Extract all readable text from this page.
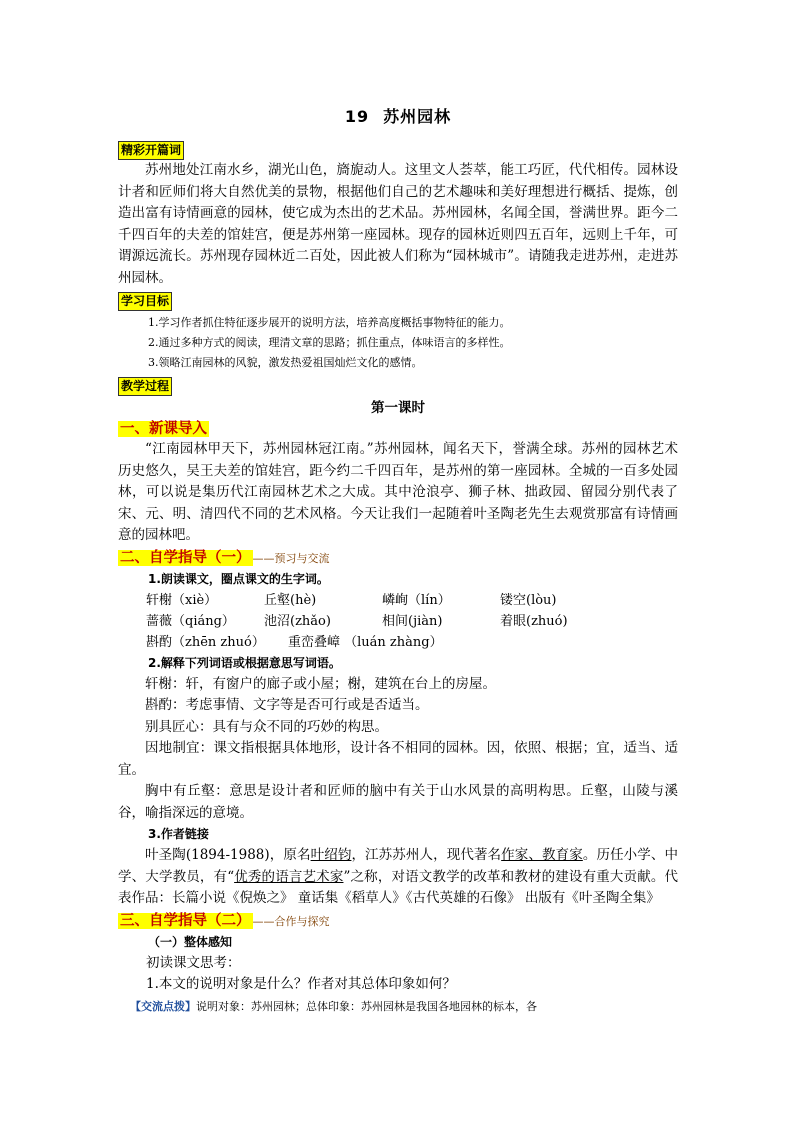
19 苏州园林
精彩开篇词

苏州地处江南水乡，湖光山色，旖旎动人。这里文人荟萃，能工巧匠，代代相传。园林设计者和匠师们将大自然优美的景物，根据他们自己的艺术趣味和美好理想进行概括、提炼，创造出富有诗情画意的园林，使它成为杰出的艺术品。苏州园林，名闻全国，誉满世界。距今二千四百年的夫差的馆娃宫，便是苏州第一座园林。现存的园林近则四五百年，远则上千年，可谓源远流长。苏州现存园林近二百处，因此被人们称为“园林城市”。请随我走进苏州，走进苏州园林。

学习目标
1.学习作者抓住特征逐步展开的说明方法，培养高度概括事物特征的能力。
2.通过多种方式的阅读，理清文章的思路；抓住重点，体味语言的多样性。
3.领略江南园林的风貌，激发热爱祖国灿烂文化的感情。
教学过程
第一课时
一、新课导入

“江南园林甲天下，苏州园林冠江南。”苏州园林，闻名天下，誉满全球。苏州的园林艺术历史悠久，吴王夫差的馆娃宫，距今约二千四百年，是苏州的第一座园林。全城的一百多处园林，可以说是集历代江南园林艺术之大成。其中沧浪亭、狮子林、拙政园、留园分别代表了宋、元、明、清四代不同的艺术风格。今天让我们一起随着叶圣陶老先生去观赏那富有诗情画意的园林吧。

二、自学指导（一） ——预习与交流
1.朗读课文，圈点课文的生字词。
轩榭（xiè）	丘壑(hè)	嶙峋（lín）	镂空(lòu)
蔷薇（qiáng）	池沼(zhǎo)	相间(jiàn)	着眼(zhuó)
斟酌（zhēn zhuó）	重峦叠嶂 （luán zhàng）
2.解释下列词语或根据意思写词语。

轩榭：轩，有窗户的廊子或小屋；榭，建筑在台上的房屋。

斟酌：考虑事情、文字等是否可行或是否适当。

别具匠心：具有与众不同的巧妙的构思。

因地制宜：课文指根据具体地形，设计各不相同的园林。因，依照、根据；宜，适当、适宜。

胸中有丘壑：意思是设计者和匠师的脑中有关于山水风景的高明构思。丘壑，山陵与溪谷，喻指深远的意境。

3.作者链接

叶圣陶(1894-1988)，原名叶绍钧，江苏苏州人，现代著名作家、教育家。历任小学、中学、大学教员，有“优秀的语言艺术家”之称，对语文教学的改革和教材的建设有重大贡献。代表作品：长篇小说《倪焕之》 童话集《稻草人》《古代英雄的石像》 出版有《叶圣陶全集》

三、自学指导（二） ——合作与探究
（一）整体感知

初读课文思考：

1.本文的说明对象是什么？作者对其总体印象如何？

【交流点拨】说明对象：苏州园林；总体印象：苏州园林是我国各地园林的标本，各
